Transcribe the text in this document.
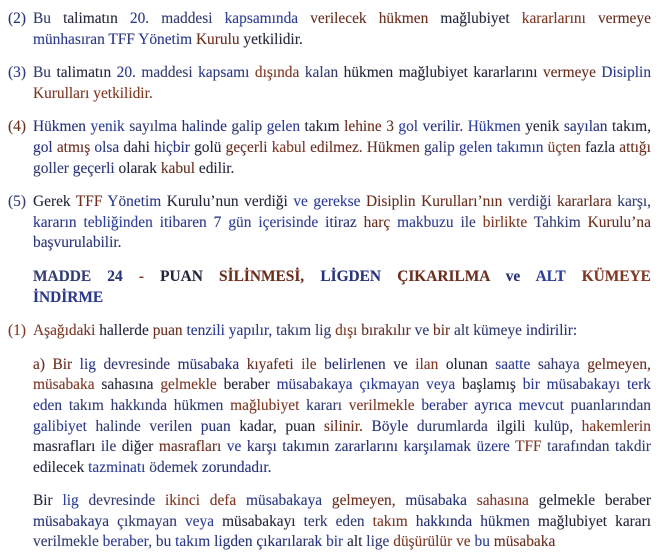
(2) Bu talimatın 20. maddesi kapsamında verilecek hükmen mağlubiyet kararlarını vermeye münhasıran TFF Yönetim Kurulu yetkilidir.
(3) Bu talimatın 20. maddesi kapsamı dışında kalan hükmen mağlubiyet kararlarını vermeye Disiplin Kurulları yetkilidir.
(4) Hükmen yenik sayılma halinde galip gelen takım lehine 3 gol verilir. Hükmen yenik sayılan takım, gol atmış olsa dahi hiçbir golü geçerli kabul edilmez. Hükmen galip gelen takımın üçten fazla attığı goller geçerli olarak kabul edilir.
(5) Gerek TFF Yönetim Kurulu’nun verdiği ve gerekse Disiplin Kurulları’nın verdiği kararlara karşı, kararın tebliğinden itibaren 7 gün içerisinde itiraz harç makbuzu ile birlikte Tahkim Kurulu’na başvurulabilir.
MADDE 24 - PUAN SİLİNMESİ, LİGDEN ÇIKARILMA ve ALT KÜMEYE
İNDİRME
(1) Aşağıdaki hallerde puan tenzili yapılır, takım lig dışı bırakılır ve bir alt kümeye indirilir:
a) Bir lig devresinde müsabaka kıyafeti ile belirlenen ve ilan olunan saatte sahaya gelmeyen, müsabaka sahasına gelmekle beraber müsabakaya çıkmayan veya başlamış bir müsabakayı terk eden takım hakkında hükmen mağlubiyet kararı verilmekle beraber ayrıca mevcut puanlarından galibiyet halinde verilen puan kadar, puan silinir. Böyle durumlarda ilgili kulüp, hakemlerin masrafları ile diğer masrafları ve karşı takımın zararlarını karşılamak üzere TFF tarafından takdir edilecek tazminatı ödemek zorundadır.
Bir lig devresinde ikinci defa müsabakaya gelmeyen, müsabaka sahasına gelmekle beraber müsabakaya çıkmayan veya müsabakayı terk eden takım hakkında hükmen mağlubiyet kararı verilmekle beraber, bu takım ligden çıkarılarak bir alt lige düşürülür ve bu müsabaka
